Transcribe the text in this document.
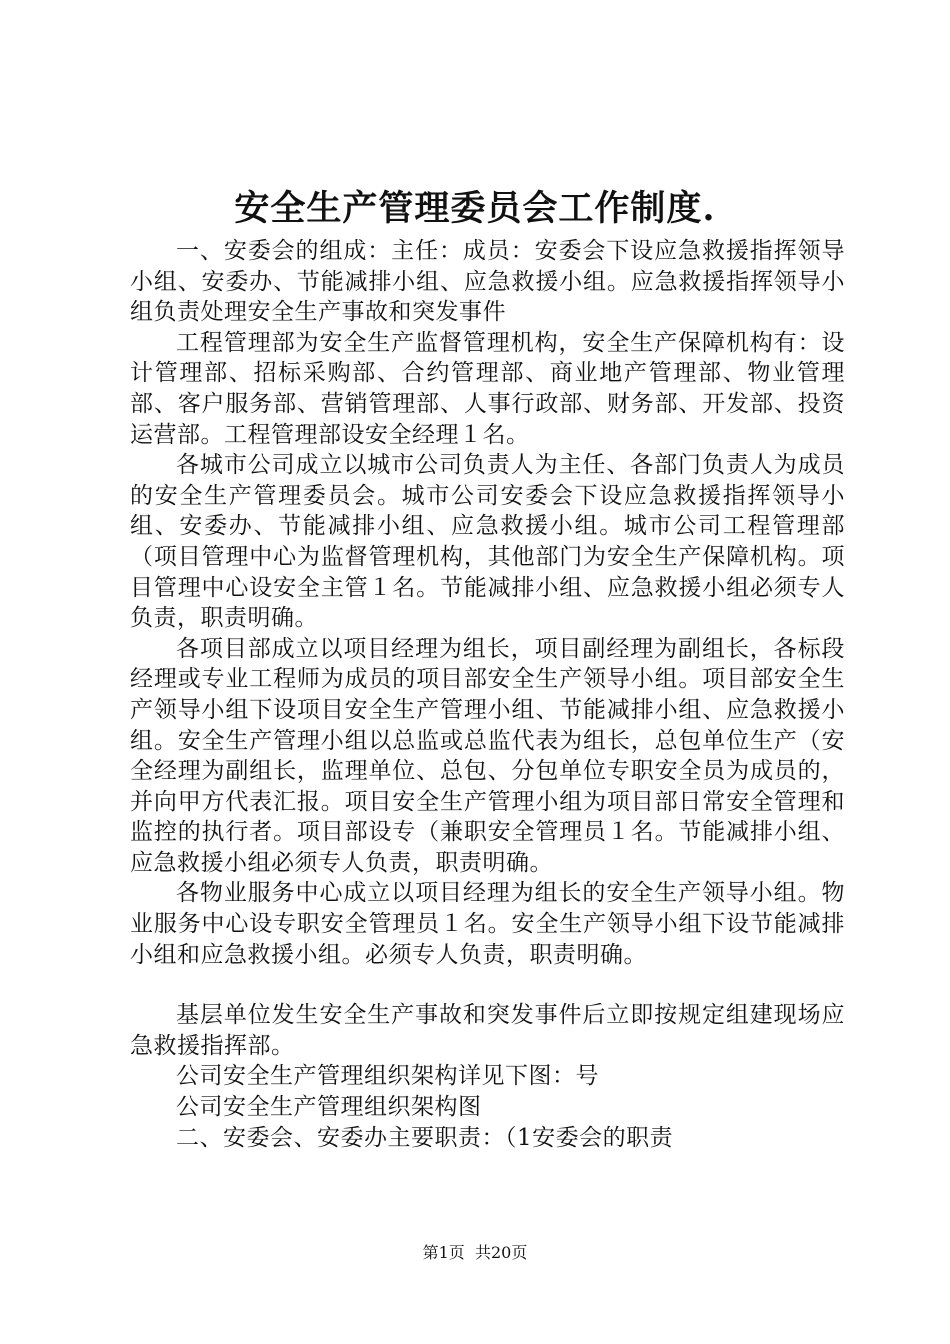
安全生产管理委员会工作制度.

一、安委会的组成：主任：成员：安委会下设应急救援指挥领导小组、安委办、节能减排小组、应急救援小组。应急救援指挥领导小组负责处理安全生产事故和突发事件

工程管理部为安全生产监督管理机构，安全生产保障机构有：设计管理部、招标采购部、合约管理部、商业地产管理部、物业管理部、客户服务部、营销管理部、人事行政部、财务部、开发部、投资运营部。工程管理部设安全经理１名。

各城市公司成立以城市公司负责人为主任、各部门负责人为成员的安全生产管理委员会。城市公司安委会下设应急救援指挥领导小组、安委办、节能减排小组、应急救援小组。城市公司工程管理部（项目管理中心为监督管理机构，其他部门为安全生产保障机构。项目管理中心设安全主管１名。节能减排小组、应急救援小组必须专人负责，职责明确。

各项目部成立以项目经理为组长，项目副经理为副组长，各标段经理或专业工程师为成员的项目部安全生产领导小组。项目部安全生产领导小组下设项目安全生产管理小组、节能减排小组、应急救援小组。安全生产管理小组以总监或总监代表为组长，总包单位生产（安全经理为副组长，监理单位、总包、分包单位专职安全员为成员的，并向甲方代表汇报。项目安全生产管理小组为项目部日常安全管理和监控的执行者。项目部设专（兼职安全管理员１名。节能减排小组、应急救援小组必须专人负责，职责明确。

各物业服务中心成立以项目经理为组长的安全生产领导小组。物业服务中心设专职安全管理员１名。安全生产领导小组下设节能减排小组和应急救援小组。必须专人负责，职责明确。

基层单位发生安全生产事故和突发事件后立即按规定组建现场应急救援指挥部。

公司安全生产管理组织架构详见下图：号

公司安全生产管理组织架构图

二、安委会、安委办主要职责：（1安委会的职责

第1页 共20页
